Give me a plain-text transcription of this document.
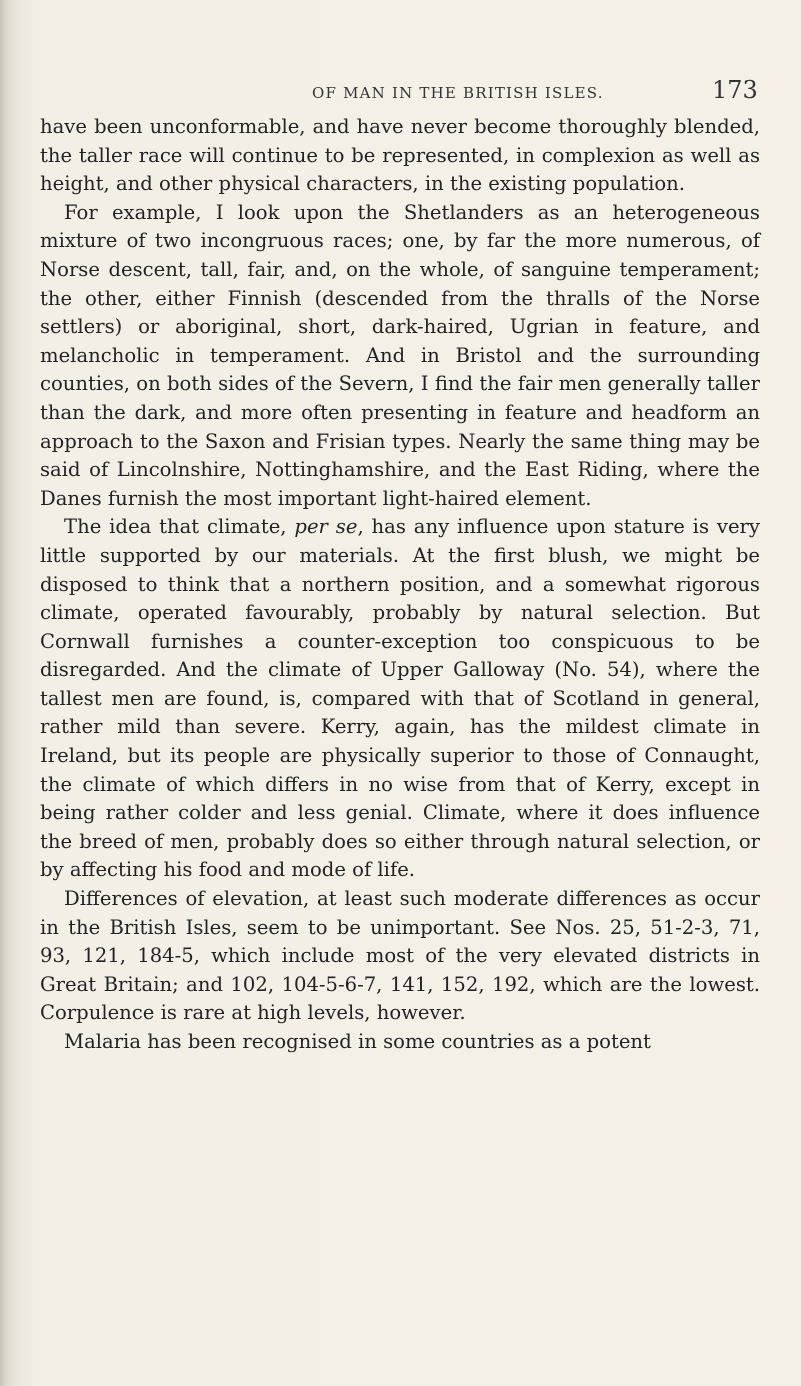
OF MAN IN THE BRITISH ISLES.	173

have been unconformable, and have never become thoroughly blended, the taller race will continue to be represented, in complexion as well as height, and other physical characters, in the existing population.

For example, I look upon the Shetlanders as an heterogeneous mixture of two incongruous races; one, by far the more numerous, of Norse descent, tall, fair, and, on the whole, of sanguine temperament; the other, either Finnish (descended from the thralls of the Norse settlers) or aboriginal, short, dark-haired, Ugrian in feature, and melancholic in temperament. And in Bristol and the surrounding counties, on both sides of the Severn, I find the fair men generally taller than the dark, and more often presenting in feature and headform an approach to the Saxon and Frisian types. Nearly the same thing may be said of Lincolnshire, Nottinghamshire, and the East Riding, where the Danes furnish the most important light-haired element.

The idea that climate, per se, has any influence upon stature is very little supported by our materials. At the first blush, we might be disposed to think that a northern position, and a somewhat rigorous climate, operated favourably, probably by natural selection. But Cornwall furnishes a counter-exception too conspicuous to be disregarded. And the climate of Upper Galloway (No. 54), where the tallest men are found, is, compared with that of Scotland in general, rather mild than severe. Kerry, again, has the mildest climate in Ireland, but its people are physically superior to those of Connaught, the climate of which differs in no wise from that of Kerry, except in being rather colder and less genial. Climate, where it does influence the breed of men, probably does so either through natural selection, or by affecting his food and mode of life.

Differences of elevation, at least such moderate differences as occur in the British Isles, seem to be unimportant. See Nos. 25, 51-2-3, 71, 93, 121, 184-5, which include most of the very elevated districts in Great Britain; and 102, 104-5-6-7, 141, 152, 192, which are the lowest. Corpulence is rare at high levels, however.

Malaria has been recognised in some countries as a potent
